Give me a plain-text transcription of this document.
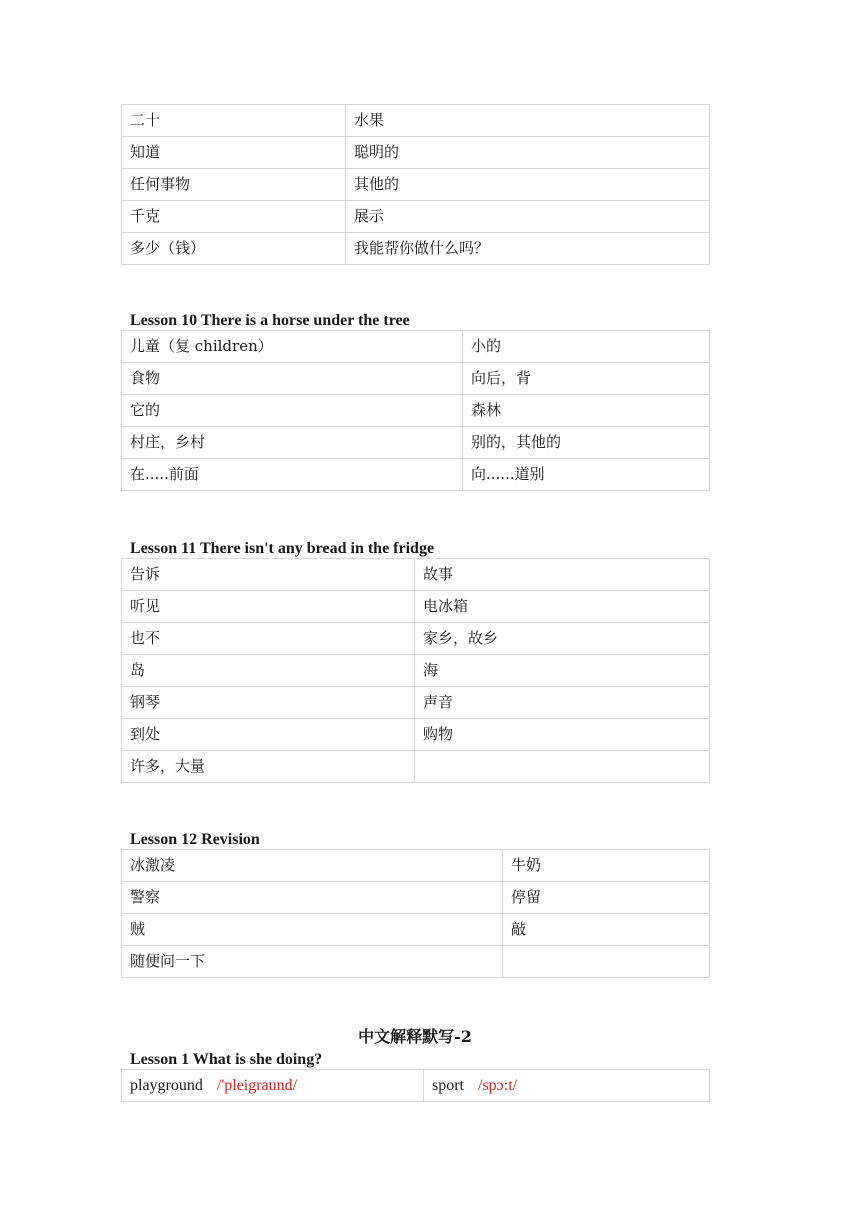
二十	水果
知道	聪明的
任何事物	其他的
千克	展示
多少（钱）	我能帮你做什么吗？
Lesson 10 There is a horse under the tree
儿童（复 children）	小的
食物	向后，背
它的	森林
村庄，乡村	别的，其他的
在.....前面	向......道别
Lesson 11 There isn't any bread in the fridge
告诉	故事
听见	电冰箱
也不	家乡，故乡
岛	海
钢琴	声音
到处	购物
许多，大量	
Lesson 12 Revision
冰激凌	牛奶
警察	停留
贼	敲
随便问一下	
中文解释默写-2
Lesson 1 What is she doing?
playground /'pleigraund/	sport /spɔ:t/
